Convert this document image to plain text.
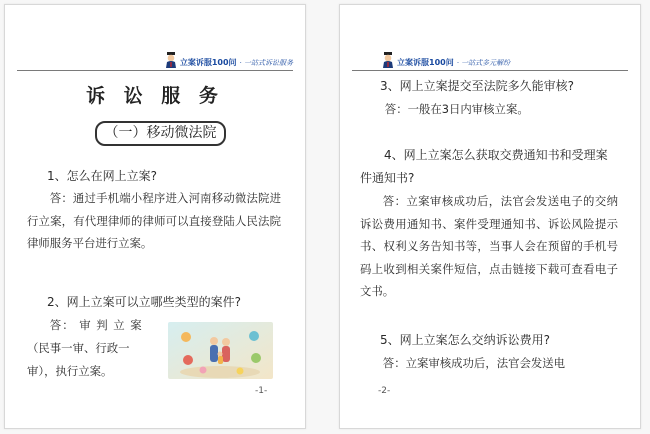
立案诉服100问 · 一站式诉讼服务
诉 讼 服 务
（一）移动微法院

1、怎么在网上立案?

答：通过手机端小程序进入河南移动微法院进行立案，有代理律师的律师可以直接登陆人民法院律师服务平台进行立案。

2、网上立案可以立哪些类型的案件?

答： 审 判 立 案

（民事一审、行政一

审），执行立案。

-1-
立案诉服100问 · 一站式多元解纷

3、网上立案提交至法院多久能审核?

答：一般在3日内审核立案。

4、网上立案怎么获取交费通知书和受理案件通知书?

答：立案审核成功后，法官会发送电子的交纳诉讼费用通知书、案件受理通知书、诉讼风险提示书、权利义务告知书等，当事人会在预留的手机号码上收到相关案件短信，点击链接下载可查看电子文书。

5、网上立案怎么交纳诉讼费用?

答：立案审核成功后，法官会发送电

-2-
